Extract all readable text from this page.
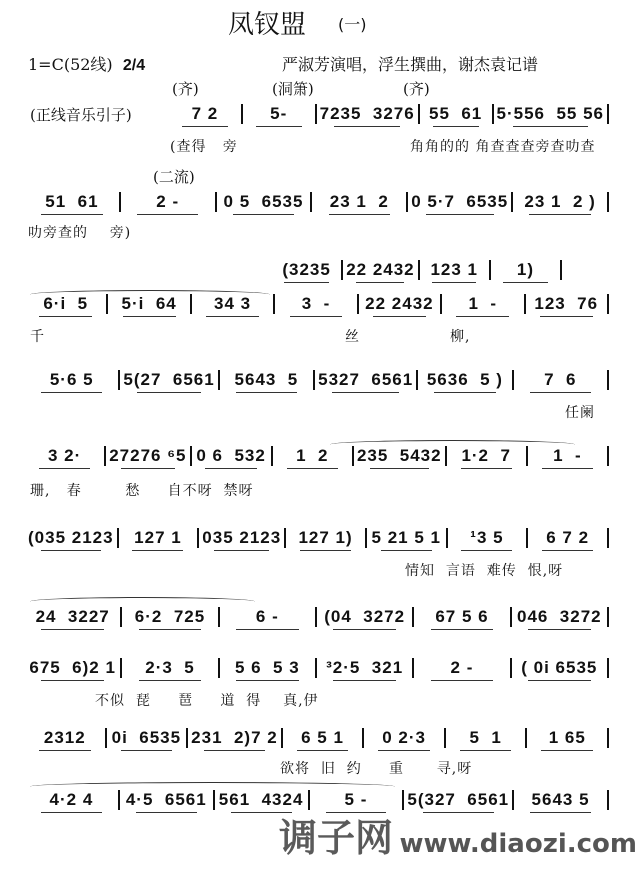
凤钗盟 (一)
1=C(52线) 2/4	严淑芳演唱，浮生撰曲，谢杰袁记谱
(齐)	(洞箫)	(齐)
(正线音乐引子)	7 2	5-	7235  3276 55  61 5·556  55 56
(查得   旁	角角的的 角查查查旁查叻查
(二流)
51  61	2 -	0 5  6535	23 1  2	0 5·7  6535 23 1  2 )
叻旁查的    旁)
(3235 22 2432 123 1	1)
6·i  5	5·i  64	34 3	3  -	22 2432	1  -	123  76
千	丝	柳,
5·6 5	5(27  6561	5643  5	5327  6561 5636  5 )	7  6
任阑
3 2·	27276 ⁶5 0 6  532	1  2	235  5432	1·2  7	1  -
珊,   春        愁     自不呀  禁呀
(035 2123	127 1	035 2123	127 1)	5 21 5 1	¹3 5	6 7 2
情知  言语  难传  恨,呀
24  3227	6·2  725	6 -	(04  3272	67 5 6	046  3272
675  6)2 1	2·3  5	5 6  5 3	³2·5  321	2 -	( 0i 6535
不似  琵     琶     道  得    真,伊
2312	0i  6535 231  2)7 2	6 5 1	0 2·3	5  1	1 65
欲将  旧  约     重      寻,呀
4·2 4	4·5  6561 561  4324	5 -	5(327  6561	5643 5
调子网 www.diaozi.com
